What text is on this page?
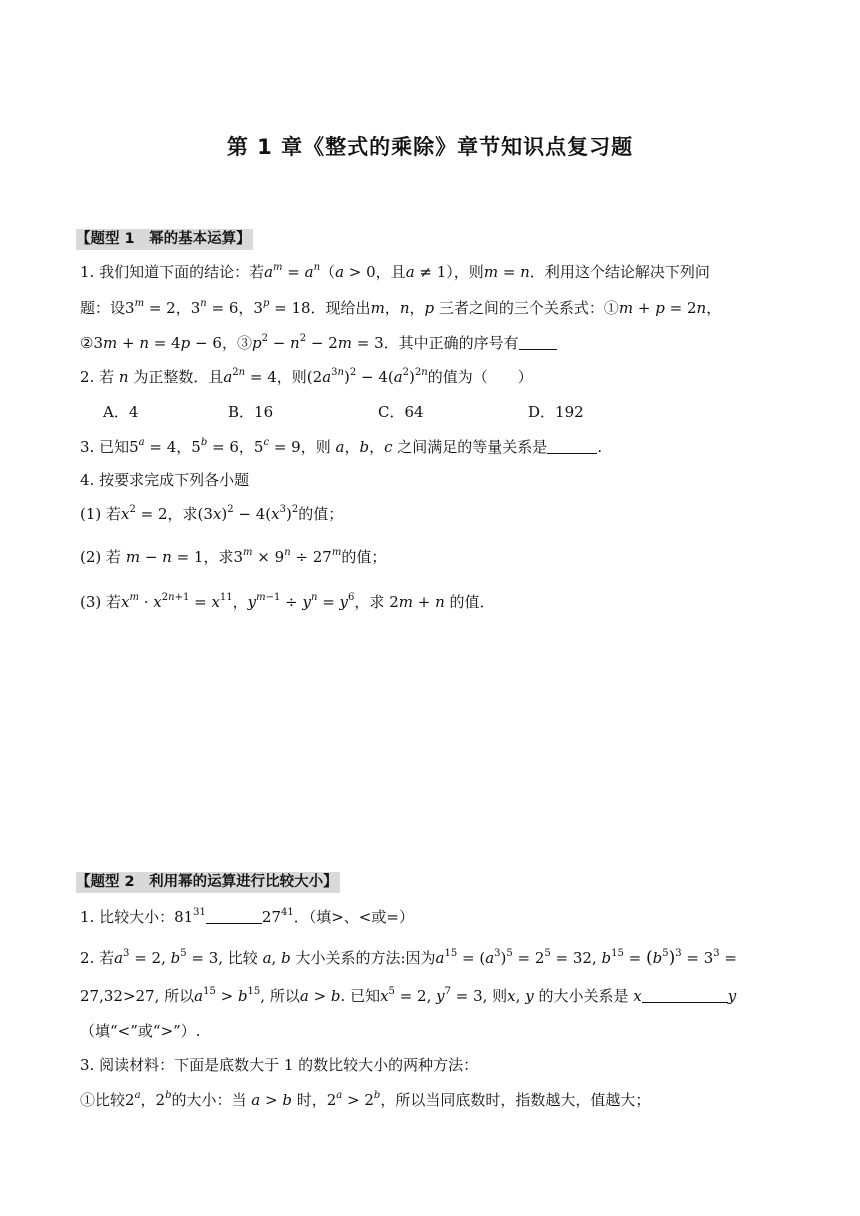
第 1 章《整式的乘除》章节知识点复习题
【题型 1　幂的基本运算】
1. 我们知道下面的结论：若$a^m = a^n(a > 0$，且a ≠ 1），则m = n．利用这个结论解决下列问
题：设$3^m = 2$，$3^n = 6$，$3^p = 18$．现给出m，n，p 三者之间的三个关系式：①m + p = 2n，
②3m + n = 4p − 6，$③p^2 - n^2 - 2m = 3$．其中正确的序号有
2. 若 n 为正整数．且$a^{2n} = 4$，则$(2a^{3n})^2 - 4(a^2)^{2n}$的值为（　　）
A．4	B．16	C．64	D．192
3. 已知$5^a = 4$，$5^b = 6$，$5^c = 9$，则 a，b，c 之间满足的等量关系是	.
4. 按要求完成下列各小题
(1) 若$x^2 = 2$，求$(3x)^2 - 4(x^3)^2$的值；
(2) 若 m − n = 1，求$3^m \times 9^n \div 27^m$的值；
(3) 若$x^m \cdot x^{2n+1} = x^{11}$，$y^{m-1} \div y^n = y^6$，求 2m + n 的值．
【题型 2　利用幂的运算进行比较大小】
1. 比较大小：$81^{31}$	$27^{41}$．（填>、<或=）
2. 若$a^3 = 2$, $b^5 = 3$, 比较 a, b 大小关系的方法:因为$a^{15} = (a^3)^5 = 2^5 = 32$, $b^{15} = (b^5)^3 = 3^3$ =
27,32>27, 所以$a^{15} > b^{15}$, 所以a > b. 已知$x^5 = 2$, $y^7 = 3$, 则x, y 的大小关系是 x	y
（填“<”或“>”）.
3. 阅读材料：下面是底数大于 1 的数比较大小的两种方法：
①比较2$^a$，2$^b$的大小：当 a > b 时，$2^a > 2^b$，所以当同底数时，指数越大，值越大；
